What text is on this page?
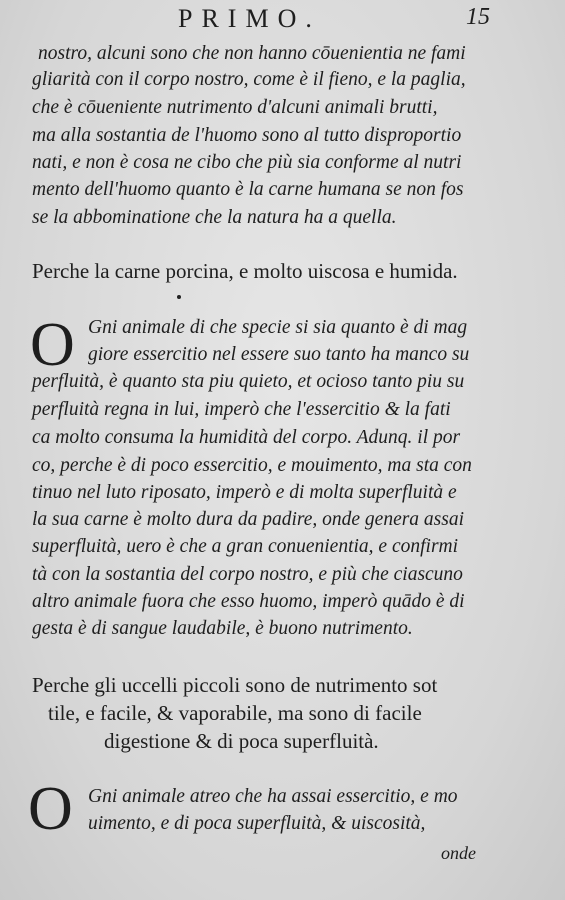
PRIMO.	15
nostro, alcuni sono che non hanno cōuenientia ne fami
gliarità con il corpo nostro, come è il fieno, e la paglia,
che è cōueniente nutrimento d'alcuni animali brutti,
ma alla sostantia de l'huomo sono al tutto disproportio
nati, e non è cosa ne cibo che più sia conforme al nutri
mento dell'huomo quanto è la carne humana se non fos
se la abbominatione che la natura ha a quella.
Perche la carne porcina, e molto uiscosa e humida.
O Gni animale di che specie si sia quanto è di mag
giore essercitio nel essere suo tanto ha manco su
perfluità, è quanto sta piu quieto, et ocioso tanto piu su
perfluità regna in lui, imperò che l'essercitio & la fati
ca molto consuma la humidità del corpo. Adunq. il por
co, perche è di poco essercitio, e mouimento, ma sta con
tinuo nel luto riposato, imperò e di molta superfluità e
la sua carne è molto dura da padire, onde genera assai
superfluità, uero è che a gran conuenientia, e confirmi
tà con la sostantia del corpo nostro, e più che ciascuno
altro animale fuora che esso huomo, imperò quādo è di
gesta è di sangue laudabile, è buono nutrimento.
Perche gli uccelli piccoli sono de nutrimento sot
tile, e facile, & vaporabile, ma sono di facile
digestione & di poca superfluità.
O Gni animale atreo che ha assai essercitio, e mo
uimento, e di poca superfluità, & uiscosità,
onde
